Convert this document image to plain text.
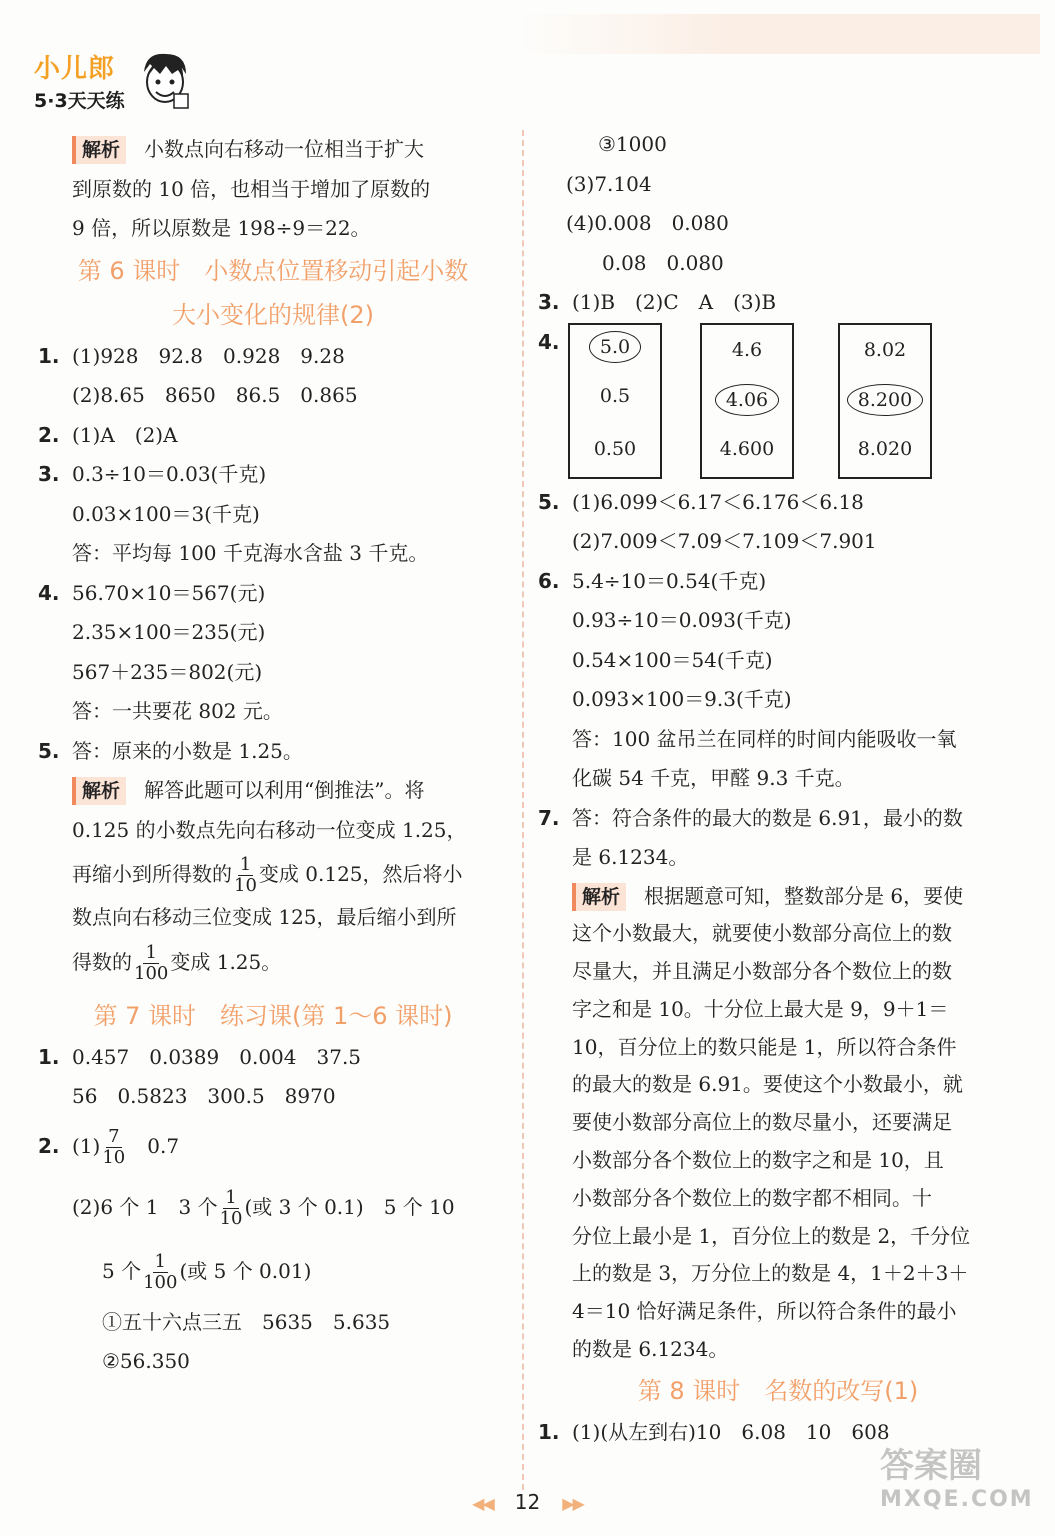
小儿郎
5·3天天练
解析 小数点向右移动一位相当于扩大
到原数的 10 倍，也相当于增加了原数的
9 倍，所以原数是 198÷9＝22。
第 6 课时　小数点位置移动引起小数
大小变化的规律(2)
1. (1)928　92.8　0.928　9.28
(2)8.65　8650　86.5　0.865
2. (1)A　(2)A
3. 0.3÷10＝0.03(千克)
0.03×100＝3(千克)
答：平均每 100 千克海水含盐 3 千克。
4. 56.70×10＝567(元)
2.35×100＝235(元)
567＋235＝802(元)
答：一共要花 802 元。
5. 答：原来的小数是 1.25。
解析 解答此题可以利用“倒推法”。将
0.125 的小数点先向右移动一位变成 1.25，
再缩小到所得数的 $\frac{1}{10}$ 变成 0.125，然后将小
数点向右移动三位变成 125，最后缩小到所
得数的 $\frac{1}{100}$ 变成 1.25。
第 7 课时　练习课(第 1～6 课时)
1. 0.457　0.0389　0.004　37.5
56　0.5823　300.5　8970
2. $(1) \frac{7}{10}$ 　0.7
(2)6 个 1　3 个 $\frac{1}{10}$ (或 3 个 0.1)　5 个 10
5 个 $\frac{1}{100}$ (或 5 个 0.01)
①五十六点三五　5635　5.635
②56.350
③1000
(3)7.104
(4)0.008　0.080
0.08　0.080
3. (1)B　(2)C　A　(3)B
4.	5.0
0.5
0.50
4.6
4.06
4.600
8.02
8.200
8.020
5. (1)6.099＜6.17＜6.176＜6.18
(2)7.009＜7.09＜7.109＜7.901
6. 5.4÷10＝0.54(千克)
0.93÷10＝0.093(千克)
0.54×100＝54(千克)
0.093×100＝9.3(千克)
答：100 盆吊兰在同样的时间内能吸收一氧
化碳 54 千克，甲醛 9.3 千克。
7. 答：符合条件的最大的数是 6.91，最小的数
是 6.1234。
解析 根据题意可知，整数部分是 6，要使
这个小数最大，就要使小数部分高位上的数
尽量大，并且满足小数部分各个数位上的数
字之和是 10。十分位上最大是 9，9＋1＝
10，百分位上的数只能是 1，所以符合条件
的最大的数是 6.91。要使这个小数最小，就
要使小数部分高位上的数尽量小，还要满足
小数部分各个数位上的数字之和是 10，且
小数部分各个数位上的数字都不相同。十
分位上最小是 1，百分位上的数是 2，千分位
上的数是 3，万分位上的数是 4，1＋2＋3＋
4＝10 恰好满足条件，所以符合条件的最小
的数是 6.1234。
第 8 课时　名数的改写(1)
1. (1)(从左到右)10　6.08　10　608
答案圈
MXQE.COM
◀◀ 12 ▶▶
